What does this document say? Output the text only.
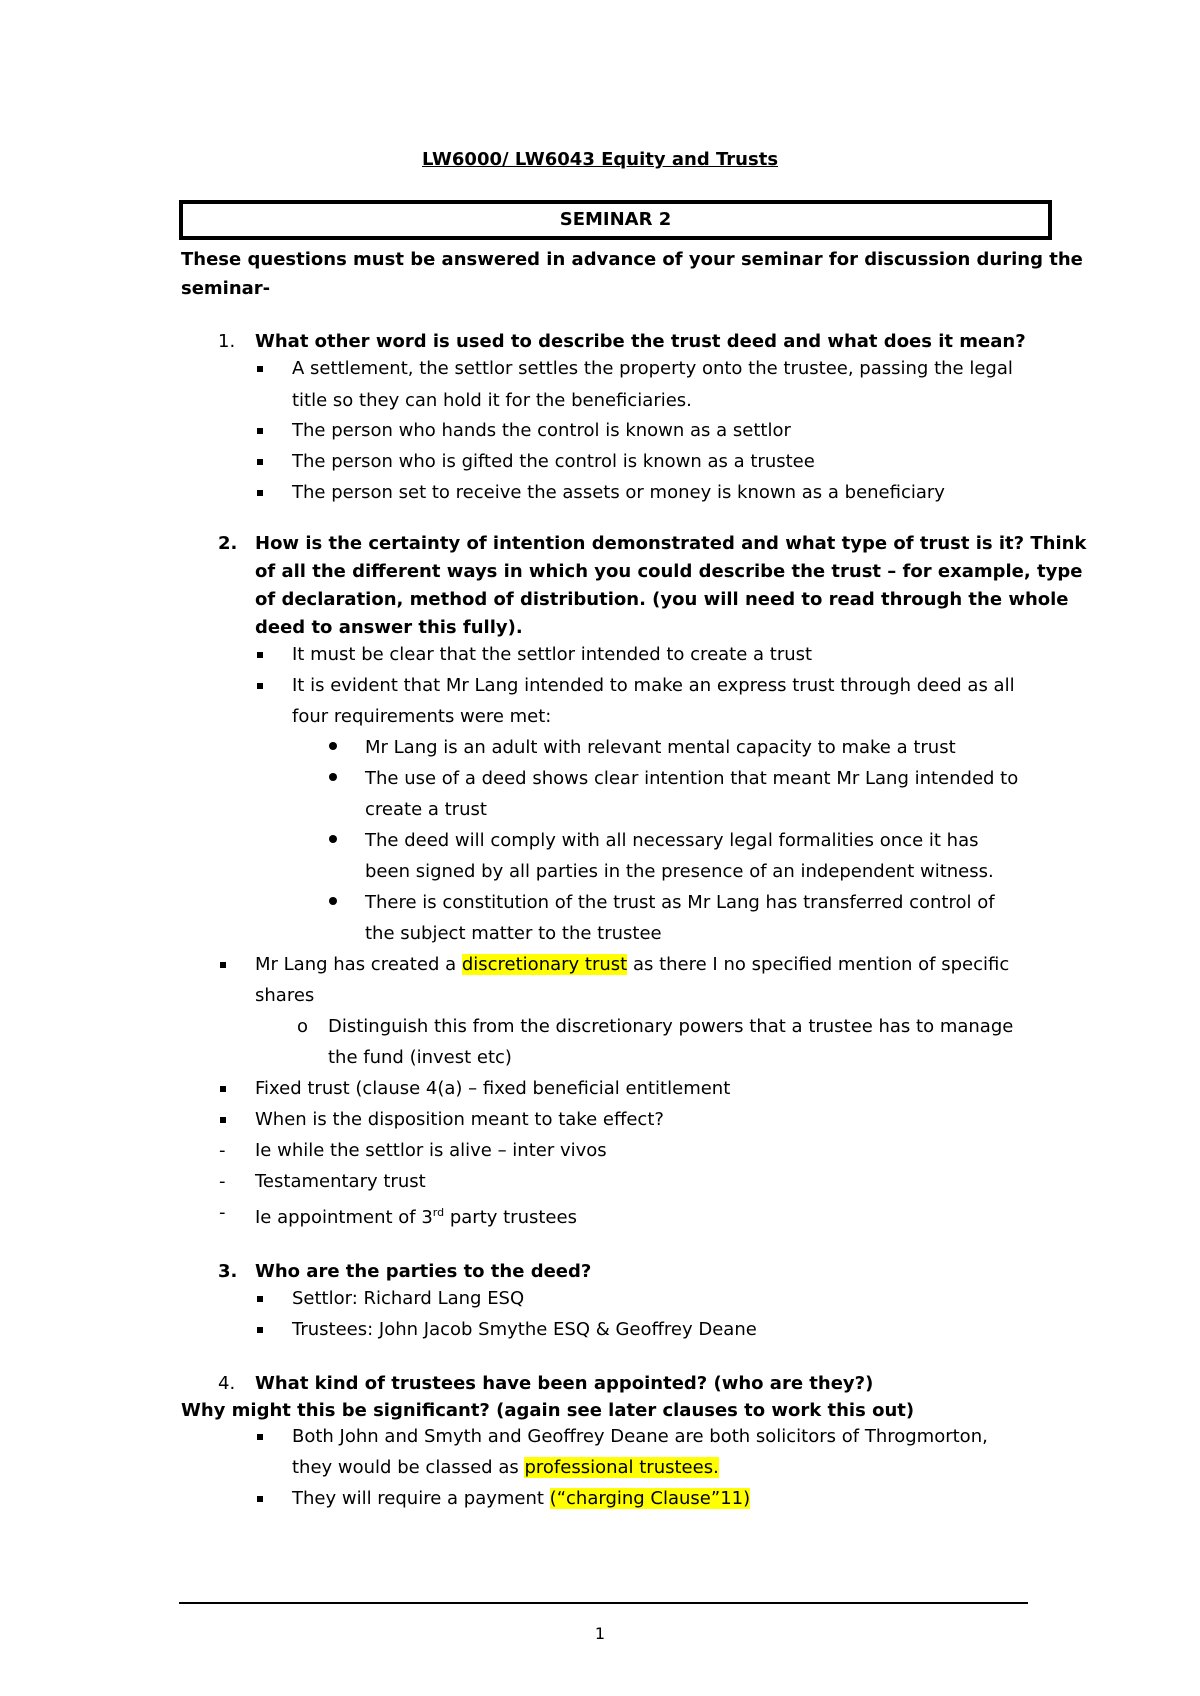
LW6000/ LW6043 Equity and Trusts
SEMINAR 2
These questions must be answered in advance of your seminar for discussion during the
seminar-
1. What other word is used to describe the trust deed and what does it mean?
A settlement, the settlor settles the property onto the trustee, passing the legal
title so they can hold it for the beneficiaries.
The person who hands the control is known as a settlor
The person who is gifted the control is known as a trustee
The person set to receive the assets or money is known as a beneficiary
2. How is the certainty of intention demonstrated and what type of trust is it? Think
of all the different ways in which you could describe the trust – for example, type
of declaration, method of distribution. (you will need to read through the whole
deed to answer this fully).
It must be clear that the settlor intended to create a trust
It is evident that Mr Lang intended to make an express trust through deed as all
four requirements were met:
Mr Lang is an adult with relevant mental capacity to make a trust
The use of a deed shows clear intention that meant Mr Lang intended to
create a trust
The deed will comply with all necessary legal formalities once it has
been signed by all parties in the presence of an independent witness.
There is constitution of the trust as Mr Lang has transferred control of
the subject matter to the trustee
Mr Lang has created a discretionary trust as there I no specified mention of specific
shares
o Distinguish this from the discretionary powers that a trustee has to manage
the fund (invest etc)
Fixed trust (clause 4(a) – fixed beneficial entitlement
When is the disposition meant to take effect?
- Ie while the settlor is alive – inter vivos
- Testamentary trust
- Ie appointment of 3rd party trustees
3. Who are the parties to the deed?
Settlor: Richard Lang ESQ
Trustees: John Jacob Smythe ESQ & Geoffrey Deane
4. What kind of trustees have been appointed? (who are they?)
Why might this be significant? (again see later clauses to work this out)
Both John and Smyth and Geoffrey Deane are both solicitors of Throgmorton,
they would be classed as professional trustees.
They will require a payment (“charging Clause”11)
1
